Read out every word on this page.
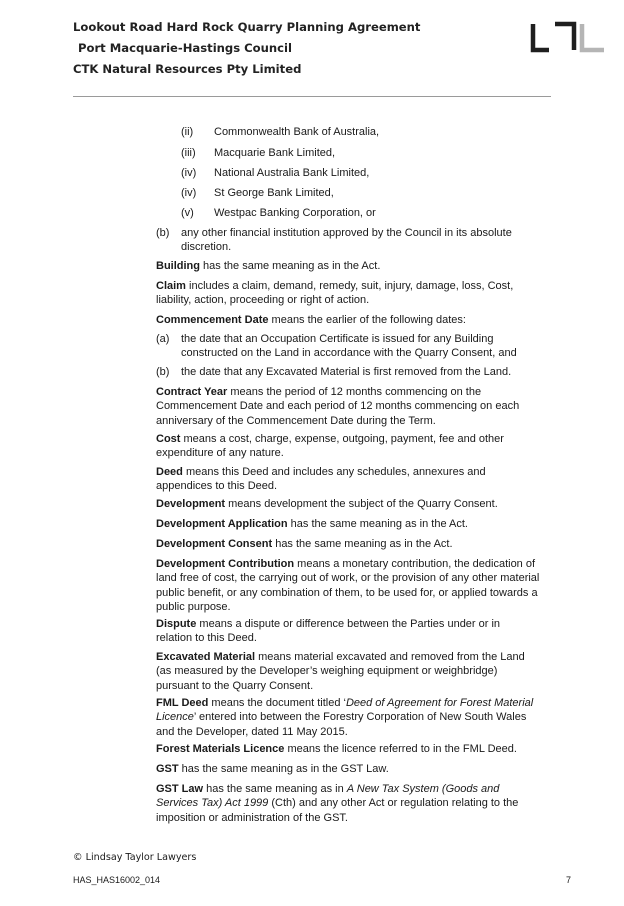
Lookout Road Hard Rock Quarry Planning Agreement
Port Macquarie-Hastings Council
CTK Natural Resources Pty Limited
(ii) Commonwealth Bank of Australia,
(iii) Macquarie Bank Limited,
(iv) National Australia Bank Limited,
(iv) St George Bank Limited,
(v) Westpac Banking Corporation, or
(b) any other financial institution approved by the Council in its absolute discretion.

Building has the same meaning as in the Act.

Claim includes a claim, demand, remedy, suit, injury, damage, loss, Cost, liability, action, proceeding or right of action.

Commencement Date means the earlier of the following dates:

(a) the date that an Occupation Certificate is issued for any Building constructed on the Land in accordance with the Quarry Consent, and

(b) the date that any Excavated Material is first removed from the Land.

Contract Year means the period of 12 months commencing on the Commencement Date and each period of 12 months commencing on each anniversary of the Commencement Date during the Term.

Cost means a cost, charge, expense, outgoing, payment, fee and other expenditure of any nature.

Deed means this Deed and includes any schedules, annexures and appendices to this Deed.

Development means development the subject of the Quarry Consent.

Development Application has the same meaning as in the Act.

Development Consent has the same meaning as in the Act.

Development Contribution means a monetary contribution, the dedication of land free of cost, the carrying out of work, or the provision of any other material public benefit, or any combination of them, to be used for, or applied towards a public purpose.

Dispute means a dispute or difference between the Parties under or in relation to this Deed.

Excavated Material means material excavated and removed from the Land (as measured by the Developer’s weighing equipment or weighbridge) pursuant to the Quarry Consent.

FML Deed means the document titled ‘Deed of Agreement for Forest Material Licence’ entered into between the Forestry Corporation of New South Wales and the Developer, dated 11 May 2015.

Forest Materials Licence means the licence referred to in the FML Deed.

GST has the same meaning as in the GST Law.

GST Law has the same meaning as in A New Tax System (Goods and Services Tax) Act 1999 (Cth) and any other Act or regulation relating to the imposition or administration of the GST.

© Lindsay Taylor Lawyers
HAS_HAS16002_014	7
